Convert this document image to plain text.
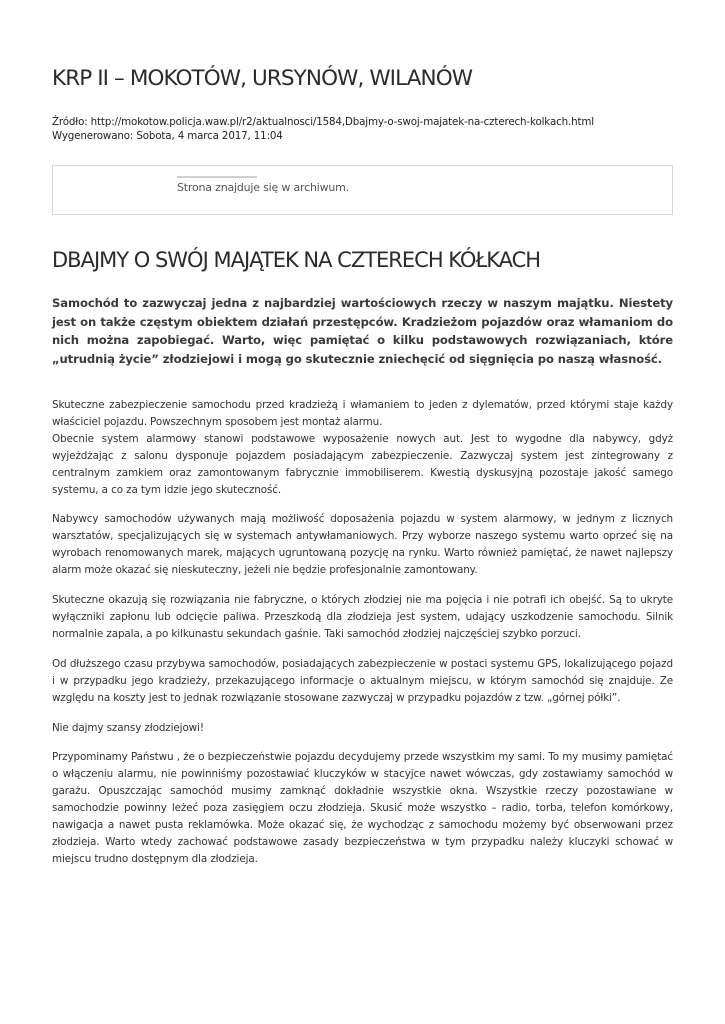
KRP II – MOKOTÓW, URSYNÓW, WILANÓW
Źródło: http://mokotow.policja.waw.pl/r2/aktualnosci/1584,Dbajmy-o-swoj-majatek-na-czterech-kolkach.html
Wygenerowano: Sobota, 4 marca 2017, 11:04
Strona znajduje się w archiwum.
DBAJMY O SWÓJ MAJĄTEK NA CZTERECH KÓŁKACH

Samochód to zazwyczaj jedna z najbardziej wartościowych rzeczy w naszym majątku. Niestety jest on także częstym obiektem działań przestępców. Kradzieżom pojazdów oraz włamaniom do nich można zapobiegać. Warto, więc pamiętać o kilku podstawowych rozwiązaniach, które „utrudnią życie” złodziejowi i mogą go skutecznie zniechęcić od sięgnięcia po naszą własność.

Skuteczne zabezpieczenie samochodu przed kradzieżą i włamaniem to jeden z dylematów, przed którymi staje każdy właściciel pojazdu. Powszechnym sposobem jest montaż alarmu.

Obecnie system alarmowy stanowi podstawowe wyposażenie nowych aut. Jest to wygodne dla nabywcy, gdyż wyjeżdżając z salonu dysponuje pojazdem posiadającym zabezpieczenie. Zazwyczaj system jest zintegrowany z centralnym zamkiem oraz zamontowanym fabrycznie immobiliserem. Kwestią dyskusyjną pozostaje jakość samego systemu, a co za tym idzie jego skuteczność.

Nabywcy samochodów używanych mają możliwość doposażenia pojazdu w system alarmowy, w jednym z licznych warsztatów, specjalizujących się w systemach antywłamaniowych. Przy wyborze naszego systemu warto oprzeć się na wyrobach renomowanych marek, mających ugruntowaną pozycję na rynku. Warto również pamiętać, że nawet najlepszy alarm może okazać się nieskuteczny, jeżeli nie będzie profesjonalnie zamontowany.

Skuteczne okazują się rozwiązania nie fabryczne, o których złodziej nie ma pojęcia i nie potrafi ich obejść. Są to ukryte wyłączniki zapłonu lub odcięcie paliwa. Przeszkodą dla złodzieja jest system, udający uszkodzenie samochodu. Silnik normalnie zapala, a po kilkunastu sekundach gaśnie. Taki samochód złodziej najczęściej szybko porzuci.

Od dłuższego czasu przybywa samochodów, posiadających zabezpieczenie w postaci systemu GPS, lokalizującego pojazd i w przypadku jego kradzieży, przekazującego informacje o aktualnym miejscu, w którym samochód się znajduje. Ze względu na koszty jest to jednak rozwiązanie stosowane zazwyczaj w przypadku pojazdów z tzw. „górnej półki”.

Nie dajmy szansy złodziejowi!

Przypominamy Państwu , że o bezpieczeństwie pojazdu decydujemy przede wszystkim my sami. To my musimy pamiętać o włączeniu alarmu, nie powinniśmy pozostawiać kluczyków w stacyjce nawet wówczas, gdy zostawiamy samochód w garażu. Opuszczając samochód musimy zamknąć dokładnie wszystkie okna. Wszystkie rzeczy pozostawiane w samochodzie powinny leżeć poza zasięgiem oczu złodzieja. Skusić może wszystko – radio, torba, telefon komórkowy, nawigacja a nawet pusta reklamówka. Może okazać się, że wychodząc z samochodu możemy być obserwowani przez złodzieja. Warto wtedy zachować podstawowe zasady bezpieczeństwa w tym przypadku należy kluczyki schować w miejscu trudno dostępnym dla złodzieja.
